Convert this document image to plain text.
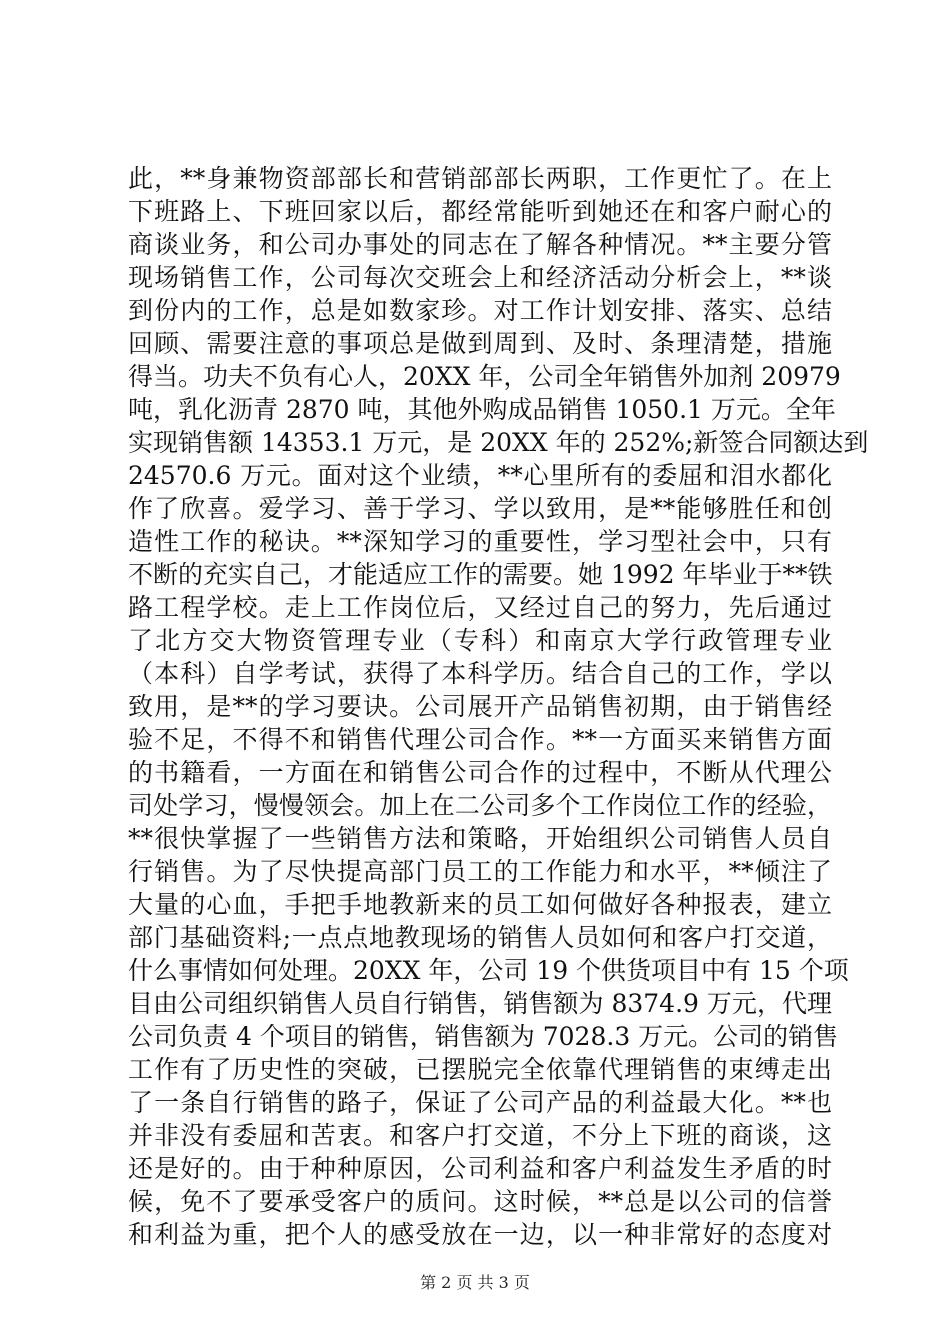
此，**身兼物资部部长和营销部部长两职，工作更忙了。在上
下班路上、下班回家以后，都经常能听到她还在和客户耐心的
商谈业务，和公司办事处的同志在了解各种情况。**主要分管
现场销售工作，公司每次交班会上和经济活动分析会上，**谈
到份内的工作，总是如数家珍。对工作计划安排、落实、总结
回顾、需要注意的事项总是做到周到、及时、条理清楚，措施
得当。功夫不负有心人，20XX 年，公司全年销售外加剂 20979
吨，乳化沥青 2870 吨，其他外购成品销售 1050.1 万元。全年
实现销售额 14353.1 万元，是 20XX 年的 252%;新签合同额达到
24570.6 万元。面对这个业绩，**心里所有的委屈和泪水都化
作了欣喜。爱学习、善于学习、学以致用，是**能够胜任和创
造性工作的秘诀。**深知学习的重要性，学习型社会中，只有
不断的充实自己，才能适应工作的需要。她 1992 年毕业于**铁
路工程学校。走上工作岗位后，又经过自己的努力，先后通过
了北方交大物资管理专业（专科）和南京大学行政管理专业
（本科）自学考试，获得了本科学历。结合自己的工作，学以
致用，是**的学习要诀。公司展开产品销售初期，由于销售经
验不足，不得不和销售代理公司合作。**一方面买来销售方面
的书籍看，一方面在和销售公司合作的过程中，不断从代理公
司处学习，慢慢领会。加上在二公司多个工作岗位工作的经验，
**很快掌握了一些销售方法和策略，开始组织公司销售人员自
行销售。为了尽快提高部门员工的工作能力和水平，**倾注了
大量的心血，手把手地教新来的员工如何做好各种报表，建立
部门基础资料;一点点地教现场的销售人员如何和客户打交道，
什么事情如何处理。20XX 年，公司 19 个供货项目中有 15 个项
目由公司组织销售人员自行销售，销售额为 8374.9 万元，代理
公司负责 4 个项目的销售，销售额为 7028.3 万元。公司的销售
工作有了历史性的突破，已摆脱完全依靠代理销售的束缚走出
了一条自行销售的路子，保证了公司产品的利益最大化。**也
并非没有委屈和苦衷。和客户打交道，不分上下班的商谈，这
还是好的。由于种种原因，公司利益和客户利益发生矛盾的时
候，免不了要承受客户的质问。这时候，**总是以公司的信誉
和利益为重，把个人的感受放在一边，以一种非常好的态度对
第 2 页 共 3 页
